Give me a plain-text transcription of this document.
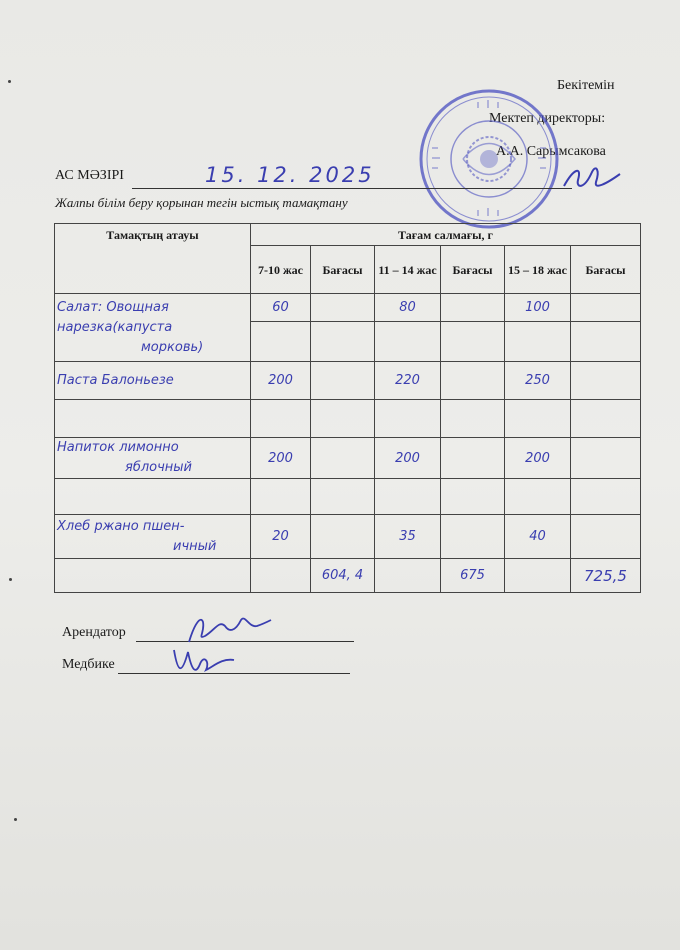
Бекітемін
Мектеп директоры:
А.А. Сарымсакова
АС МӘЗІРІ	15. 12. 2025
Жалпы білім беру қорынан тегін ыстық тамақтану
Тамақтың атауы	Тағам салмағы, г					
	7-10 жас	Бағасы	11 – 14 жас	Бағасы	15 – 18 жас	Бағасы

Салат: Овощная
нарезка(капуста
морковь)	60		80		100	

Паста Балоньезе	200		220		250	

Напиток лимонно
яблочный	200		200		200	

Хлеб ржано пшен-
ичный	20		35		40	
		604, 4		675		725,5
Арендатор
Медбике
